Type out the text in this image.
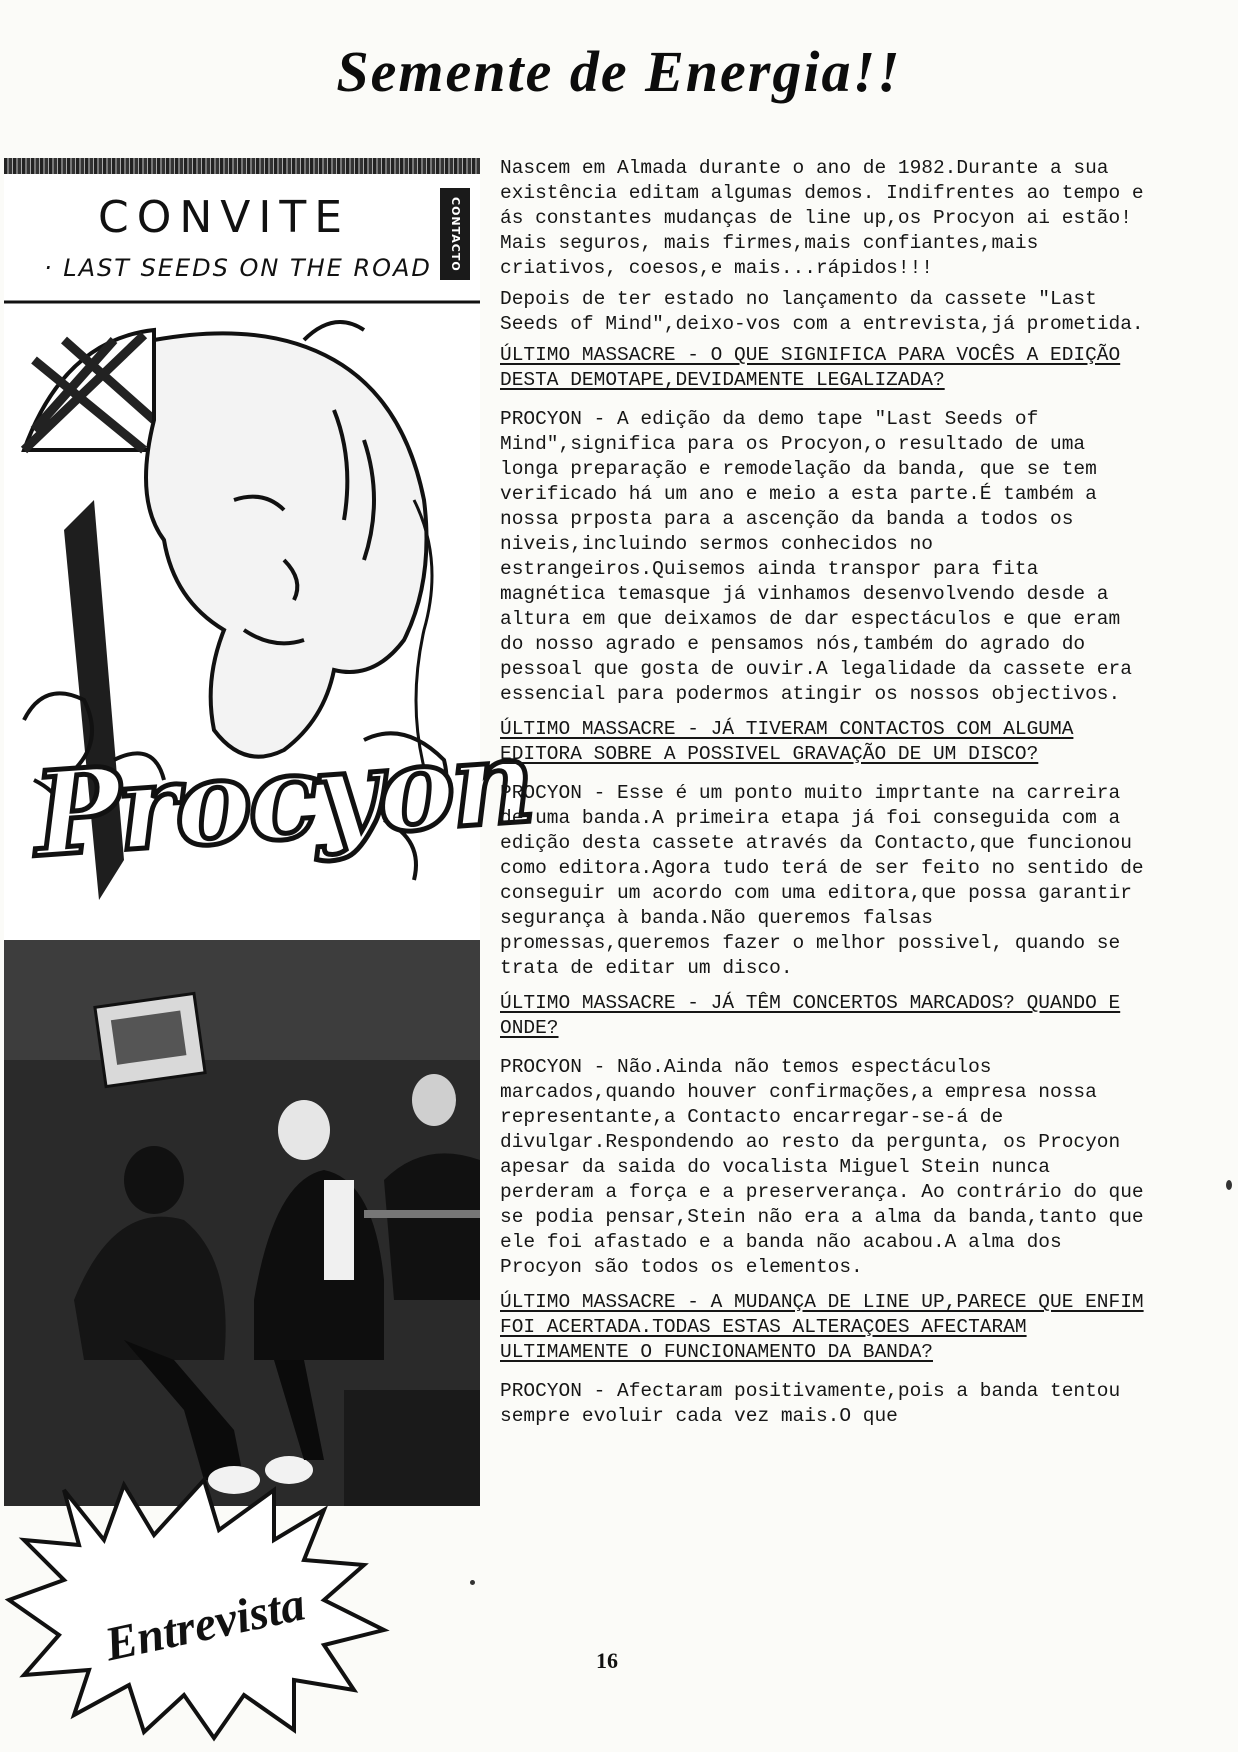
Semente de Energia!!
CONVITE
· LAST SEEDS ON THE ROAD	CONTACTO
Procyon
Entrevista

Nascem em Almada durante o ano de 1982.Durante a sua existência editam algumas demos. Indifrentes ao tempo e ás constantes mudanças de line up,os Procyon ai estão! Mais seguros, mais firmes,mais confiantes,mais criativos, coesos,e mais...rápidos!!!

Depois de ter estado no lançamento da cassete "Last Seeds of Mind",deixo-vos com a entrevista,já prometida.

ÚLTIMO MASSACRE - O QUE SIGNIFICA PARA VOCÊS A EDIÇÃO DESTA DEMOTAPE,DEVIDAMENTE LEGALIZADA?

PROCYON - A edição da demo tape "Last Seeds of Mind",significa para os Procyon,o resultado de uma longa preparação e remodelação da banda, que se tem verificado há um ano e meio a esta parte.É também a nossa prposta para a ascenção da banda a todos os niveis,incluindo sermos conhecidos no estrangeiros.Quisemos ainda transpor para fita magnética temasque já vinhamos desenvolvendo desde a altura em que deixamos de dar espectáculos e que eram do nosso agrado e pensamos nós,também do agrado do pessoal que gosta de ouvir.A legalidade da cassete era essencial para podermos atingir os nossos objectivos.

ÚLTIMO MASSACRE - JÁ TIVERAM CONTACTOS COM ALGUMA EDITORA SOBRE A POSSIVEL GRAVAÇÃO DE UM DISCO?

PROCYON - Esse é um ponto muito imprtante na carreira de uma banda.A primeira etapa já foi conseguida com a edição desta cassete através da Contacto,que funcionou como editora.Agora tudo terá de ser feito no sentido de conseguir um acordo com uma editora,que possa garantir segurança à banda.Não queremos falsas promessas,queremos fazer o melhor possivel, quando se trata de editar um disco.

ÚLTIMO MASSACRE - JÁ TÊM CONCERTOS MARCADOS? QUANDO E ONDE?

PROCYON - Não.Ainda não temos espectáculos marcados,quando houver confirmações,a empresa nossa representante,a Contacto encarregar-se-á de divulgar.Respondendo ao resto da pergunta, os Procyon apesar da saida do vocalista Miguel Stein nunca perderam a força e a preserverança. Ao contrário do que se podia pensar,Stein não era a alma da banda,tanto que ele foi afastado e a banda não acabou.A alma dos Procyon são todos os elementos.

ÚLTIMO MASSACRE - A MUDANÇA DE LINE UP,PARECE QUE ENFIM FOI ACERTADA.TODAS ESTAS ALTERAÇOES AFECTARAM ULTIMAMENTE O FUNCIONAMENTO DA BANDA?

PROCYON - Afectaram positivamente,pois a banda tentou sempre evoluir cada vez mais.O que

16
